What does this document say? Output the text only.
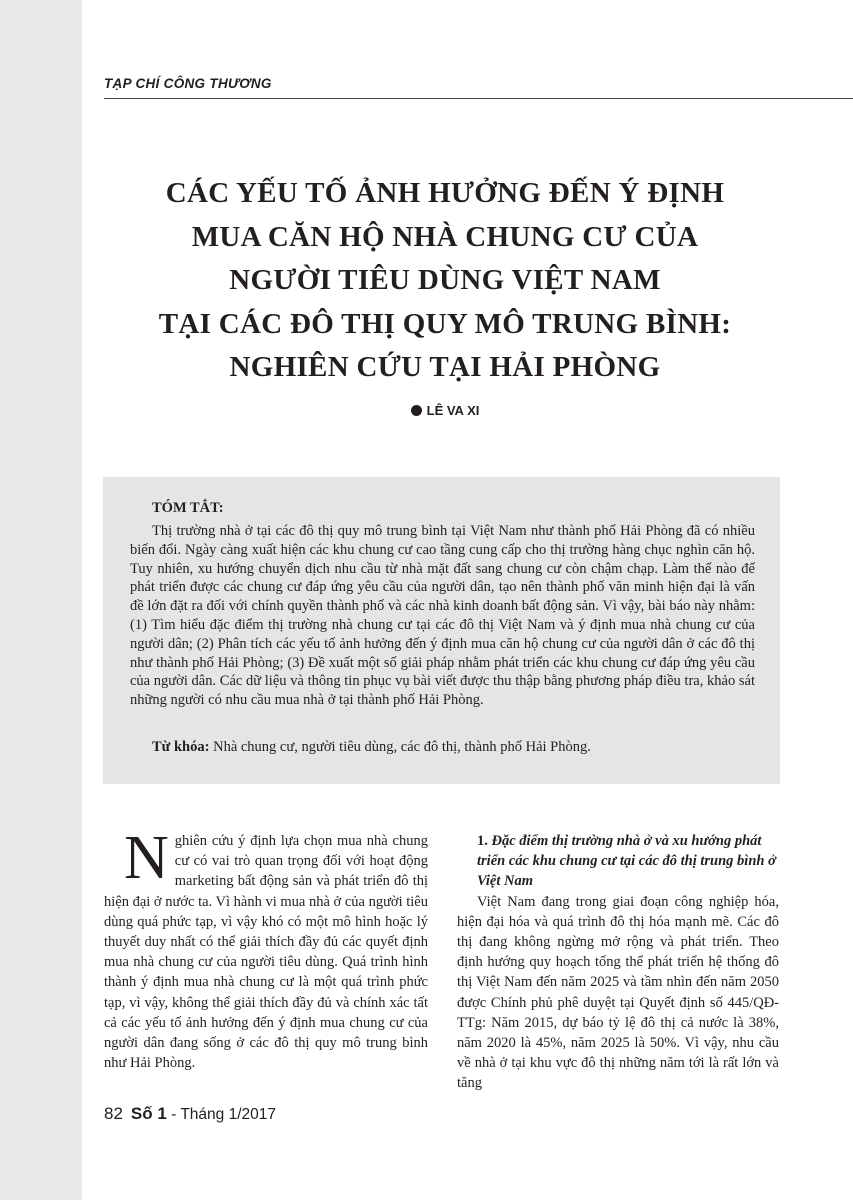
TẠP CHÍ CÔNG THƯƠNG
CÁC YẾU TỐ ẢNH HƯỞNG ĐẾN Ý ĐỊNH
MUA CĂN HỘ NHÀ CHUNG CƯ CỦA
NGƯỜI TIÊU DÙNG VIỆT NAM
TẠI CÁC ĐÔ THỊ QUY MÔ TRUNG BÌNH:
NGHIÊN CỨU TẠI HẢI PHÒNG
LÊ VA XI
TÓM TẮT:

Thị trường nhà ở tại các đô thị quy mô trung bình tại Việt Nam như thành phố Hải Phòng đã có nhiều biến đổi. Ngày càng xuất hiện các khu chung cư cao tầng cung cấp cho thị trường hàng chục nghìn căn hộ. Tuy nhiên, xu hướng chuyển dịch nhu cầu từ nhà mặt đất sang chung cư còn chậm chạp. Làm thế nào để phát triển được các chung cư đáp ứng yêu cầu của người dân, tạo nên thành phố văn minh hiện đại là vấn đề lớn đặt ra đối với chính quyền thành phố và các nhà kinh doanh bất động sản. Vì vậy, bài báo này nhằm: (1) Tìm hiểu đặc điểm thị trường nhà chung cư tại các đô thị Việt Nam và ý định mua nhà chung cư của người dân; (2) Phân tích các yếu tố ảnh hưởng đến ý định mua căn hộ chung cư của người dân ở các đô thị như thành phố Hải Phòng; (3) Đề xuất một số giải pháp nhằm phát triển các khu chung cư đáp ứng yêu cầu của người dân. Các dữ liệu và thông tin phục vụ bài viết được thu thập bằng phương pháp điều tra, khảo sát những người có nhu cầu mua nhà ở tại thành phố Hải Phòng.

Từ khóa: Nhà chung cư, người tiêu dùng, các đô thị, thành phố Hải Phòng.
Nghiên cứu ý định lựa chọn mua nhà chung cư có vai trò quan trọng đối với hoạt động marketing bất động sản và phát triển đô thị hiện đại ở nước ta. Vì hành vi mua nhà ở của người tiêu dùng quá phức tạp, vì vậy khó có một mô hình hoặc lý thuyết duy nhất có thể giải thích đầy đủ các quyết định mua nhà chung cư của người tiêu dùng. Quá trình hình thành ý định mua nhà chung cư là một quá trình phức tạp, vì vậy, không thể giải thích đầy đủ và chính xác tất cả các yếu tố ảnh hưởng đến ý định mua chung cư của người dân đang sống ở các đô thị quy mô trung bình như Hải Phòng.
1. Đặc điểm thị trường nhà ở và xu hướng phát triển các khu chung cư tại các đô thị trung bình ở Việt Nam

Việt Nam đang trong giai đoạn công nghiệp hóa, hiện đại hóa và quá trình đô thị hóa mạnh mẽ. Các đô thị đang không ngừng mở rộng và phát triển. Theo định hướng quy hoạch tổng thể phát triển hệ thống đô thị Việt Nam đến năm 2025 và tầm nhìn đến năm 2050 được Chính phủ phê duyệt tại Quyết định số 445/QĐ-TTg: Năm 2015, dự báo tỷ lệ đô thị cả nước là 38%, năm 2020 là 45%, năm 2025 là 50%. Vì vậy, nhu cầu về nhà ở tại khu vực đô thị những năm tới là rất lớn và tăng

82 Số 1 - Tháng 1/2017
